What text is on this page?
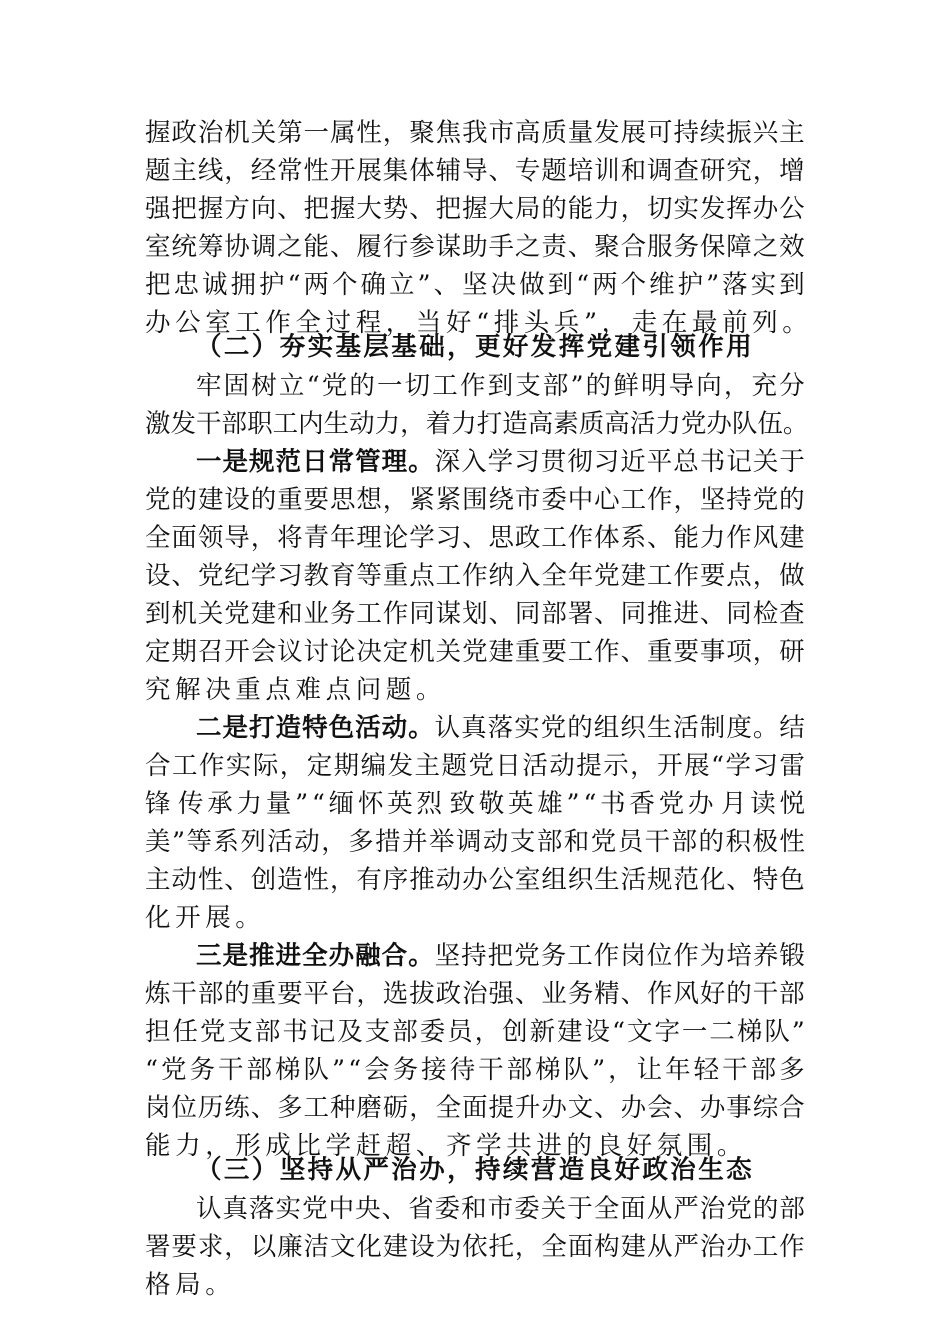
握 政 治 机 关 第 一 属 性 ， 聚 焦 我 市 高 质 量 发 展 可 持 续 振 兴 主
题 主 线 ， 经 常 性 开 展 集 体 辅 导 、 专 题 培 训 和 调 查 研 究 ， 增
强 把 握 方 向 、 把 握 大 势 、 把 握 大 局 的 能 力 ， 切 实 发 挥 办 公
室 统 筹 协 调 之 能 、 履 行 参 谋 助 手 之 责 、 聚 合 服 务 保 障 之 效
把 忠 诚 拥 护 “ 两 个 确 立 ” 、 坚 决 做 到 “ 两 个 维 护 ” 落 实 到
办公室工作全过程，当好“排头兵”，走在最前列。
（二）夯实基层基础，更好发挥党建引领作用
牢 固 树 立 “ 党 的 一 切 工 作 到 支 部 ” 的 鲜 明 导 向 ， 充 分
激 发 干 部 职 工 内 生 动 力 ， 着 力 打 造 高 素 质 高 活 力 党 办 队 伍 。
一 是 规 范 日 常 管 理 。 深 入 学 习 贯 彻 习 近 平 总 书 记 关 于
党 的 建 设 的 重 要 思 想 ， 紧 紧 围 绕 市 委 中 心 工 作 ， 坚 持 党 的
全 面 领 导 ， 将 青 年 理 论 学 习 、 思 政 工 作 体 系 、 能 力 作 风 建
设 、 党 纪 学 习 教 育 等 重 点 工 作 纳 入 全 年 党 建 工 作 要 点 ， 做
到 机 关 党 建 和 业 务 工 作 同 谋 划 、 同 部 署 、 同 推 进 、 同 检 查
定 期 召 开 会 议 讨 论 决 定 机 关 党 建 重 要 工 作 、 重 要 事 项 ， 研
究解决重点难点问题。
二 是 打 造 特 色 活 动 。 认 真 落 实 党 的 组 织 生 活 制 度 。 结
合 工 作 实 际 ， 定 期 编 发 主 题 党 日 活 动 提 示 ， 开 展 “ 学 习 雷
锋 传 承 力 量 ” “ 缅 怀 英 烈 致 敬 英 雄 ” “ 书 香 党 办 月 读 悦
美 ” 等 系 列 活 动 ， 多 措 并 举 调 动 支 部 和 党 员 干 部 的 积 极 性
主 动 性 、 创 造 性 ， 有 序 推 动 办 公 室 组 织 生 活 规 范 化 、 特 色
化开展。
三 是 推 进 全 办 融 合 。 坚 持 把 党 务 工 作 岗 位 作 为 培 养 锻
炼 干 部 的 重 要 平 台 ， 选 拔 政 治 强 、 业 务 精 、 作 风 好 的 干 部
担 任 党 支 部 书 记 及 支 部 委 员 ， 创 新 建 设 “ 文 字 一 二 梯 队 ”
“ 党 务 干 部 梯 队 ” “ 会 务 接 待 干 部 梯 队 ” ， 让 年 轻 干 部 多
岗 位 历 练 、 多 工 种 磨 砺 ， 全 面 提 升 办 文 、 办 会 、 办 事 综 合
能力，形成比学赶超、齐学共进的良好氛围。
（三）坚持从严治办，持续营造良好政治生态
认 真 落 实 党 中 央 、 省 委 和 市 委 关 于 全 面 从 严 治 党 的 部
署 要 求 ， 以 廉 洁 文 化 建 设 为 依 托 ， 全 面 构 建 从 严 治 办 工 作
格局。
